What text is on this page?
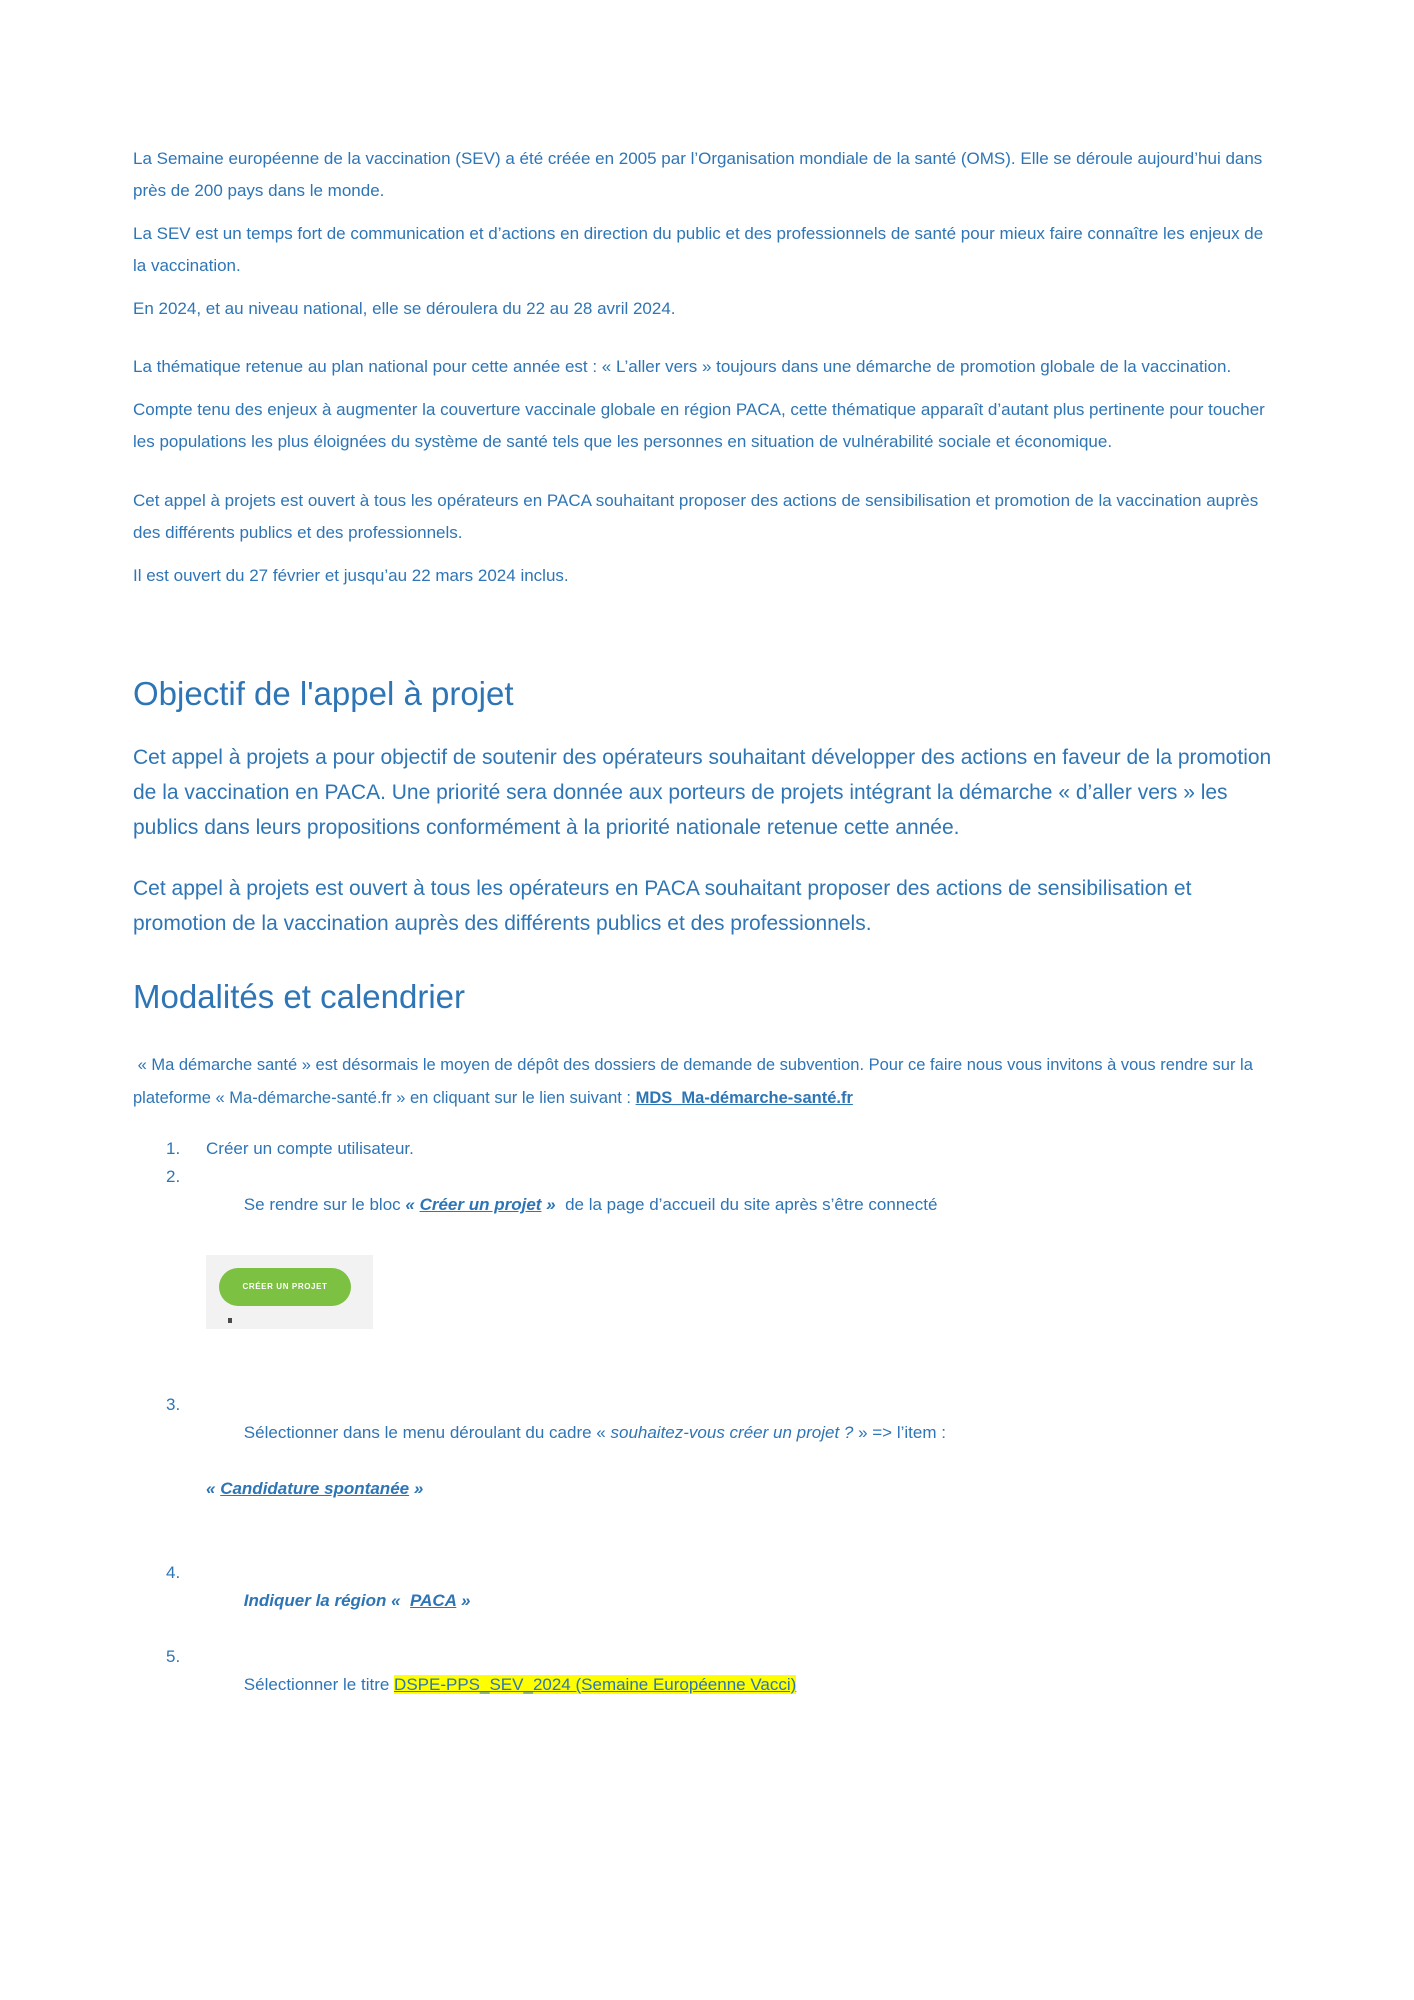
La Semaine européenne de la vaccination (SEV) a été créée en 2005 par l’Organisation mondiale de la santé (OMS). Elle se déroule aujourd’hui dans près de 200 pays dans le monde.

La SEV est un temps fort de communication et d’actions en direction du public et des professionnels de santé pour mieux faire connaître les enjeux de la vaccination.

En 2024, et au niveau national, elle se déroulera du 22 au 28 avril 2024.

La thématique retenue au plan national pour cette année est : « L’aller vers » toujours dans une démarche de promotion globale de la vaccination.

Compte tenu des enjeux à augmenter la couverture vaccinale globale en région PACA, cette thématique apparaît d’autant plus pertinente pour toucher les populations les plus éloignées du système de santé tels que les personnes en situation de vulnérabilité sociale et économique.

Cet appel à projets est ouvert à tous les opérateurs en PACA souhaitant proposer des actions de sensibilisation et promotion de la vaccination auprès des différents publics et des professionnels.

Il est ouvert du 27 février et jusqu’au 22 mars 2024 inclus.

Objectif de l'appel à projet

Cet appel à projets a pour objectif de soutenir des opérateurs souhaitant développer des actions en faveur de la promotion de la vaccination en PACA. Une priorité sera donnée aux porteurs de projets intégrant la démarche « d’aller vers » les publics dans leurs propositions conformément à la priorité nationale retenue cette année.

Cet appel à projets est ouvert à tous les opérateurs en PACA souhaitant proposer des actions de sensibilisation et promotion de la vaccination auprès des différents publics et des professionnels.

Modalités et calendrier

« Ma démarche santé » est désormais le moyen de dépôt des dossiers de demande de subvention. Pour ce faire nous vous invitons à vous rendre sur la plateforme « Ma-démarche-santé.fr » en cliquant sur le lien suivant : MDS_Ma-démarche-santé.fr

1.	Créer un compte utilisateur.
2.

Se rendre sur le bloc « Créer un projet »  de la page d’accueil du site après s’être connecté

CRÉER UN PROJET

3.

Sélectionner dans le menu déroulant du cadre « souhaitez-vous créer un projet ? » => l’item :

« Candidature spontanée »

4.

Indiquer la région «  PACA »

5.

Sélectionner le titre DSPE-PPS_SEV_2024 (Semaine Européenne Vacci)
